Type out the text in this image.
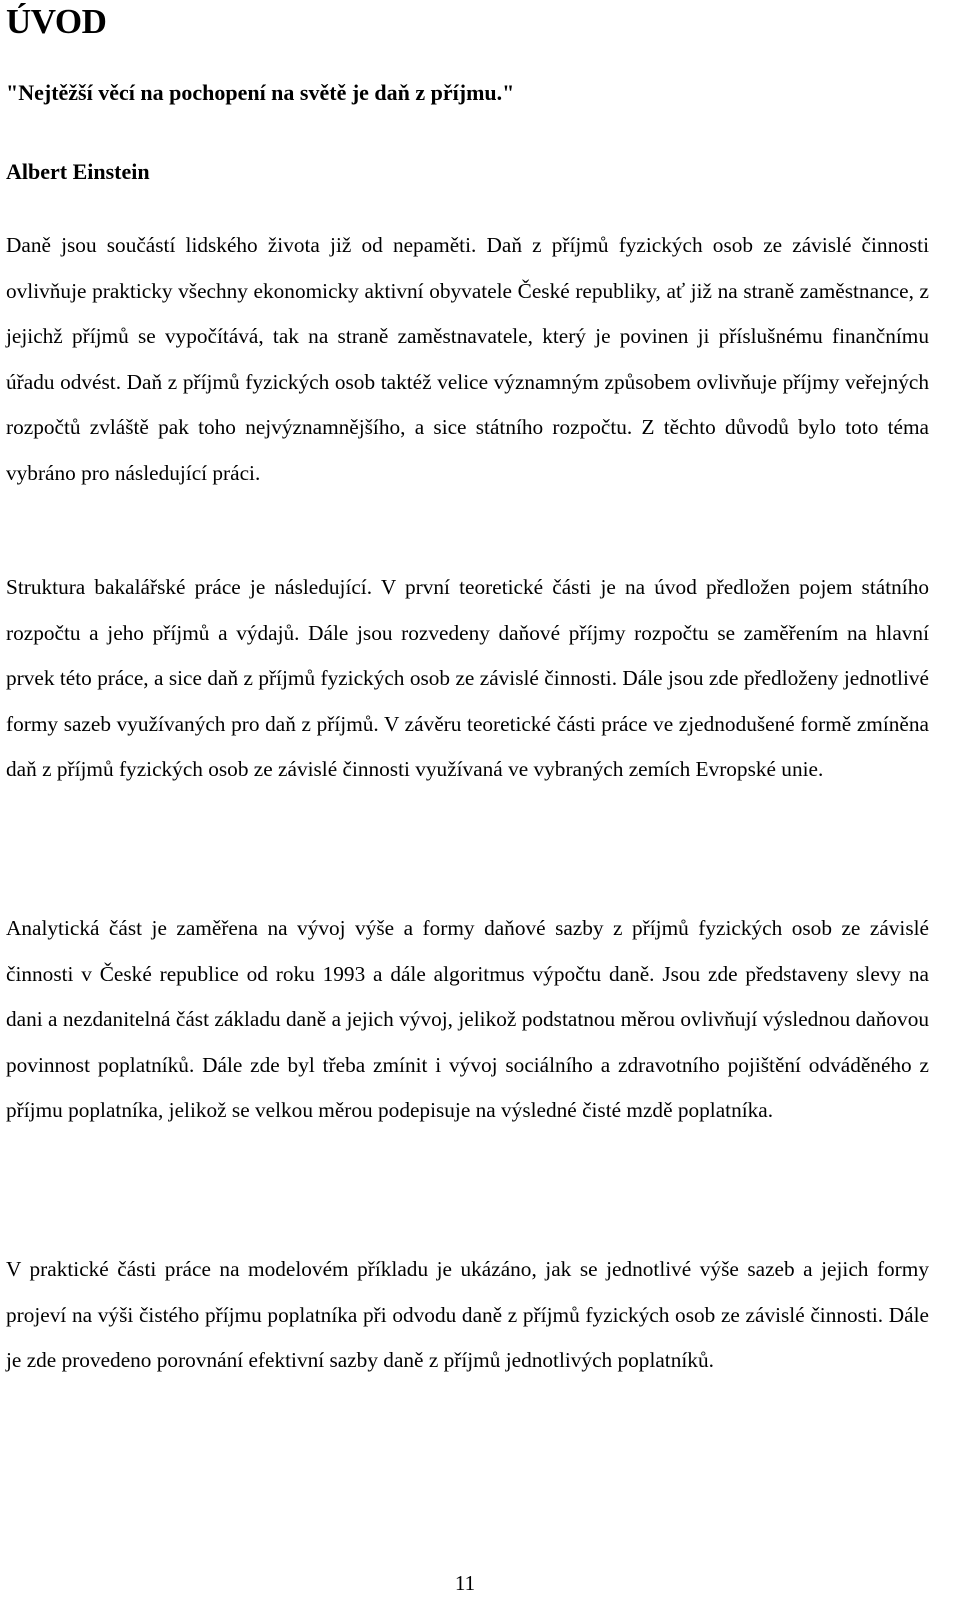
ÚVOD

"Nejtěžší věcí na pochopení na světě je daň z příjmu."

Albert Einstein

Daně jsou součástí lidského života již od nepaměti. Daň z příjmů fyzických osob ze závislé činnosti ovlivňuje prakticky všechny ekonomicky aktivní obyvatele České republiky, ať již na straně zaměstnance, z jejichž příjmů se vypočítává, tak na straně zaměstnavatele, který je povinen ji příslušnému finančnímu úřadu odvést. Daň z příjmů fyzických osob taktéž velice významným způsobem ovlivňuje příjmy veřejných rozpočtů zvláště pak toho nejvýznamnějšího, a sice státního rozpočtu. Z těchto důvodů bylo toto téma vybráno pro následující práci.

Struktura bakalářské práce je následující. V první teoretické části je na úvod předložen pojem státního rozpočtu a jeho příjmů a výdajů. Dále jsou rozvedeny daňové příjmy rozpočtu se zaměřením na hlavní prvek této práce, a sice daň z příjmů fyzických osob ze závislé činnosti. Dále jsou zde předloženy jednotlivé formy sazeb využívaných pro daň z příjmů. V závěru teoretické části práce ve zjednodušené formě zmíněna daň z příjmů fyzických osob ze závislé činnosti využívaná ve vybraných zemích Evropské unie.

Analytická část je zaměřena na vývoj výše a formy daňové sazby z příjmů fyzických osob ze závislé činnosti v České republice od roku 1993 a dále algoritmus výpočtu daně. Jsou zde představeny slevy na dani a nezdanitelná část základu daně a jejich vývoj, jelikož podstatnou měrou ovlivňují výslednou daňovou povinnost poplatníků. Dále zde byl třeba zmínit i vývoj sociálního a zdravotního pojištění odváděného z příjmu poplatníka, jelikož se velkou měrou podepisuje na výsledné čisté mzdě poplatníka.

V praktické části práce na modelovém příkladu je ukázáno, jak se jednotlivé výše sazeb a jejich formy projeví na výši čistého příjmu poplatníka při odvodu daně z příjmů fyzických osob ze závislé činnosti. Dále je zde provedeno porovnání efektivní sazby daně z příjmů jednotlivých poplatníků.

11
